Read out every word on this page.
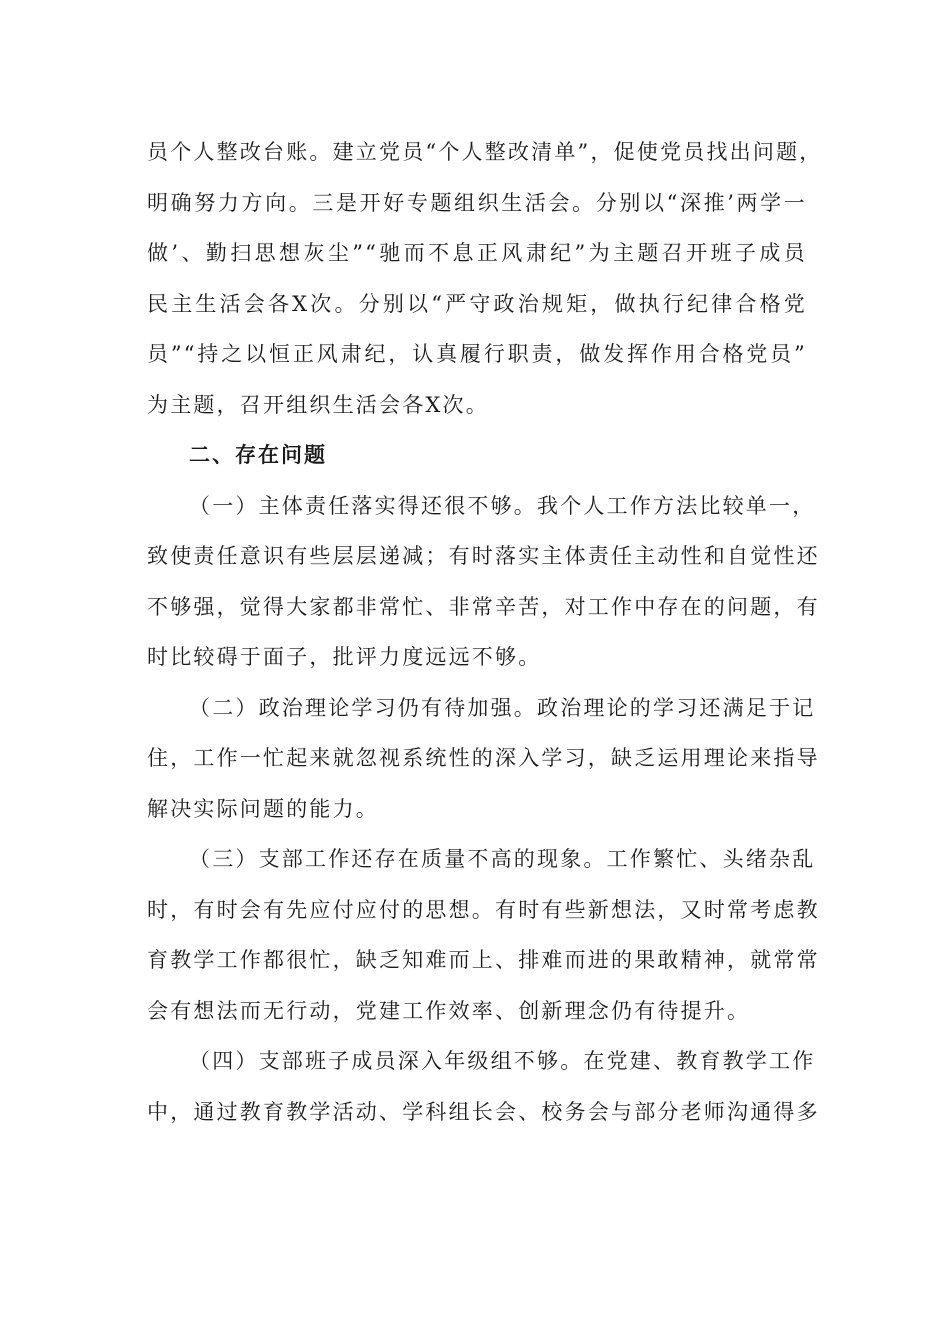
员个人整改台账。建立党员“个人整改清单”，促使党员找出问题，
明确努力方向。三是开好专题组织生活会。分别以“深推’两学一
做’、勤扫思想灰尘”“驰而不息正风肃纪”为主题召开班子成员
民主生活会各X次。分别以“严守政治规矩，做执行纪律合格党
员”“持之以恒正风肃纪，认真履行职责，做发挥作用合格党员”
为主题，召开组织生活会各X次。
二、存在问题
（一）主体责任落实得还很不够。我个人工作方法比较单一，
致使责任意识有些层层递减；有时落实主体责任主动性和自觉性还
不够强，觉得大家都非常忙、非常辛苦，对工作中存在的问题，有
时比较碍于面子，批评力度远远不够。
（二）政治理论学习仍有待加强。政治理论的学习还满足于记
住，工作一忙起来就忽视系统性的深入学习，缺乏运用理论来指导
解决实际问题的能力。
（三）支部工作还存在质量不高的现象。工作繁忙、头绪杂乱
时，有时会有先应付应付的思想。有时有些新想法，又时常考虑教
育教学工作都很忙，缺乏知难而上、排难而进的果敢精神，就常常
会有想法而无行动，党建工作效率、创新理念仍有待提升。
（四）支部班子成员深入年级组不够。在党建、教育教学工作
中，通过教育教学活动、学科组长会、校务会与部分老师沟通得多
